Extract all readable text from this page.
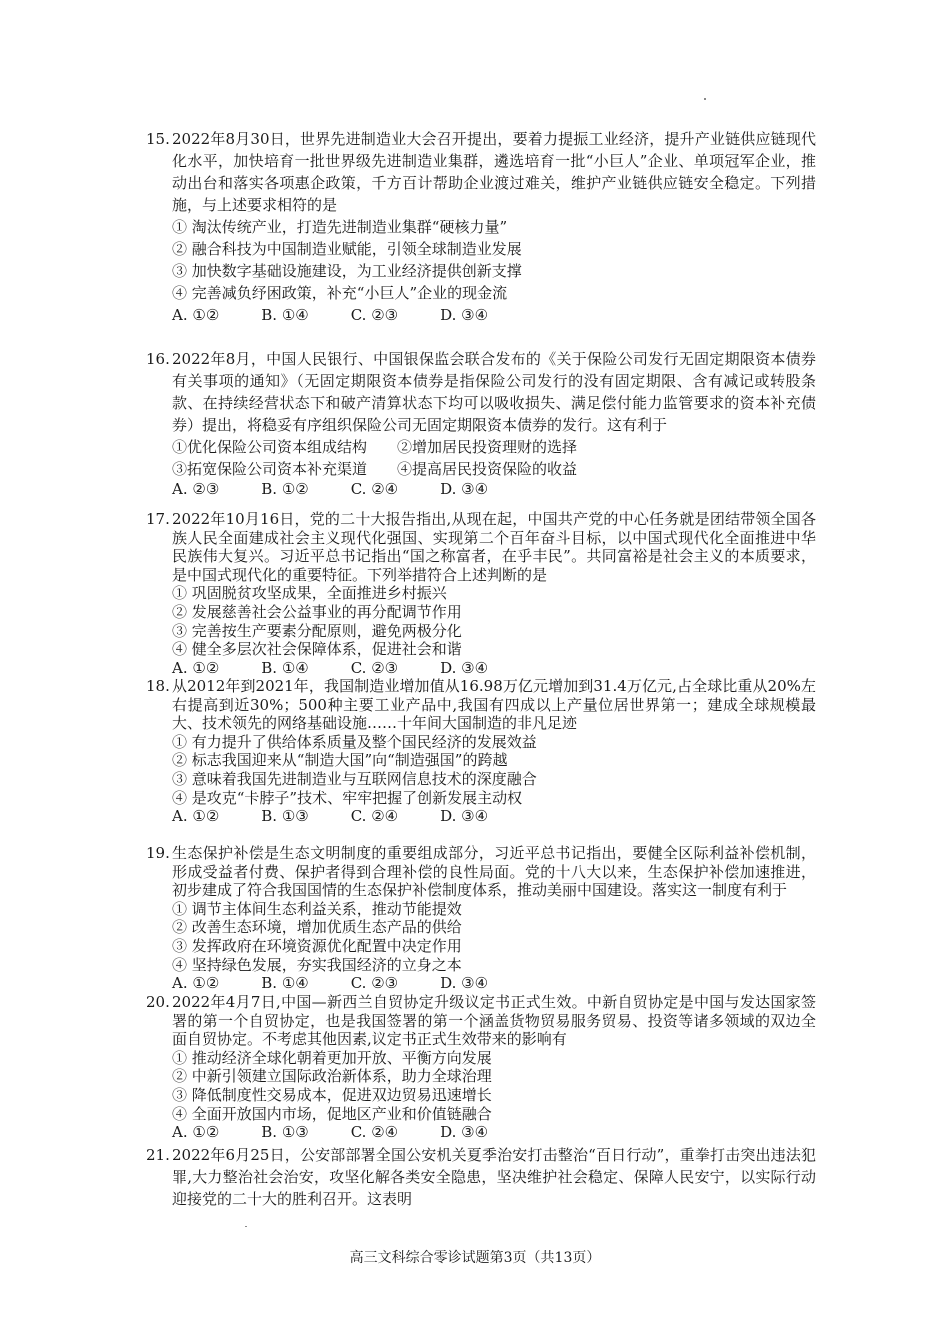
15. 2022年8月30日，世界先进制造业大会召开提出，要着力提振工业经济，提升产业链供应链现代化水平，加快培育一批世界级先进制造业集群，遴选培育一批“小巨人”企业、单项冠军企业，推动出台和落实各项惠企政策，千方百计帮助企业渡过难关，维护产业链供应链安全稳定。下列措施，与上述要求相符的是
① 淘汰传统产业，打造先进制造业集群“硬核力量”
② 融合科技为中国制造业赋能，引领全球制造业发展
③ 加快数字基础设施建设，为工业经济提供创新支撑
④ 完善减负纾困政策，补充“小巨人”企业的现金流
A. ①②	B. ①④	C. ②③	D. ③④
16. 2022年8月，中国人民银行、中国银保监会联合发布的《关于保险公司发行无固定期限资本债券有关事项的通知》（无固定期限资本债券是指保险公司发行的没有固定期限、含有减记或转股条款、在持续经营状态下和破产清算状态下均可以吸收损失、满足偿付能力监管要求的资本补充债券）提出，将稳妥有序组织保险公司无固定期限资本债券的发行。这有利于
①优化保险公司资本组成结构　　②增加居民投资理财的选择
③拓宽保险公司资本补充渠道　　④提高居民投资保险的收益
A. ②③	B. ①②	C. ②④	D. ③④
17. 2022年10月16日，党的二十大报告指出,从现在起，中国共产党的中心任务就是团结带领全国各族人民全面建成社会主义现代化强国、实现第二个百年奋斗目标，以中国式现代化全面推进中华民族伟大复兴。习近平总书记指出“国之称富者，在乎丰民”。共同富裕是社会主义的本质要求，是中国式现代化的重要特征。下列举措符合上述判断的是
① 巩固脱贫攻坚成果，全面推进乡村振兴
② 发展慈善社会公益事业的再分配调节作用
③ 完善按生产要素分配原则，避免两极分化
④ 健全多层次社会保障体系，促进社会和谐
A. ①②	B. ①④	C. ②③	D. ③④
18. 从2012年到2021年，我国制造业增加值从16.98万亿元增加到31.4万亿元,占全球比重从20%左右提高到近30%；500种主要工业产品中,我国有四成以上产量位居世界第一；建成全球规模最大、技术领先的网络基础设施……十年间大国制造的非凡足迹
① 有力提升了供给体系质量及整个国民经济的发展效益
② 标志我国迎来从“制造大国”向“制造强国”的跨越
③ 意味着我国先进制造业与互联网信息技术的深度融合
④ 是攻克“卡脖子”技术、牢牢把握了创新发展主动权
A. ①②	B. ①③	C. ②④	D. ③④
19. 生态保护补偿是生态文明制度的重要组成部分，习近平总书记指出，要健全区际利益补偿机制，形成受益者付费、保护者得到合理补偿的良性局面。党的十八大以来，生态保护补偿加速推进，初步建成了符合我国国情的生态保护补偿制度体系，推动美丽中国建设。落实这一制度有利于
① 调节主体间生态利益关系，推动节能提效
② 改善生态环境，增加优质生态产品的供给
③ 发挥政府在环境资源优化配置中决定作用
④ 坚持绿色发展，夯实我国经济的立身之本
A. ①②	B. ①④	C. ②③	D. ③④
20. 2022年4月7日,中国—新西兰自贸协定升级议定书正式生效。中新自贸协定是中国与发达国家签署的第一个自贸协定，也是我国签署的第一个涵盖货物贸易服务贸易、投资等诸多领域的双边全面自贸协定。不考虑其他因素,议定书正式生效带来的影响有
① 推动经济全球化朝着更加开放、平衡方向发展
② 中新引领建立国际政治新体系，助力全球治理
③ 降低制度性交易成本，促进双边贸易迅速增长
④ 全面开放国内市场，促地区产业和价值链融合
A. ①②	B. ①③	C. ②④	D. ③④
21. 2022年6月25日，公安部部署全国公安机关夏季治安打击整治“百日行动”，重拳打击突出违法犯罪,大力整治社会治安，攻坚化解各类安全隐患，坚决维护社会稳定、保障人民安宁，以实际行动迎接党的二十大的胜利召开。这表明
高三文科综合零诊试题第3页（共13页）
